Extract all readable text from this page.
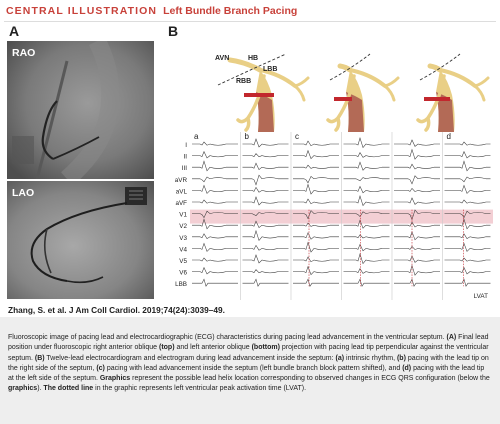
CENTRAL ILLUSTRATION Left Bundle Branch Pacing
A
RAO
LAO
B
AVN	HB
LBB
RBB
a	b	c	d
I
II
III
aVR
aVL
aVF
V1
V2
V3
V4
V5
V6
LBB
LVAT
Zhang, S. et al. J Am Coll Cardiol. 2019;74(24):3039–49.
Fluoroscopic image of pacing lead and electrocardiographic (ECG) characteristics during pacing lead advancement in the ventricular septum. (A) Final lead position under fluoroscopic right anterior oblique (top) and left anterior oblique (bottom) projection with pacing lead tip perpendicular against the ventricular septum. (B) Twelve-lead electrocardiogram and electrogram during lead advancement inside the septum: (a) intrinsic rhythm, (b) pacing with the lead tip on the right side of the septum, (c) pacing with lead advancement inside the septum (left bundle branch block pattern shifted), and (d) pacing with the lead tip at the left side of the septum. Graphics represent the possible lead helix location corresponding to observed changes in ECG QRS configuration (below the graphics). The dotted line in the graphic represents left ventricular peak activation time (LVAT).
